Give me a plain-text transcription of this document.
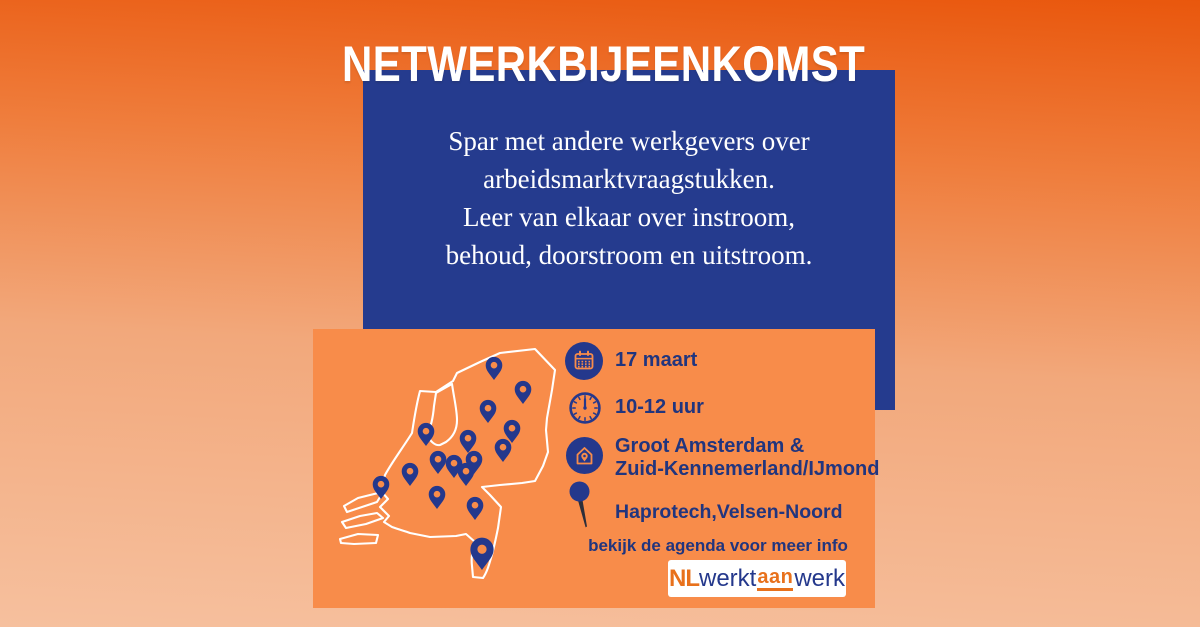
NETWERKBIJEENKOMST
Spar met andere werkgevers over
arbeidsmarktvraagstukken.
Leer van elkaar over instroom,
behoud, doorstroom en uitstroom.
17 maart
10-12 uur
Groot Amsterdam &
Zuid-Kennemerland/IJmond
Haprotech,Velsen-Noord
bekijk de agenda voor meer info
NL werkt aan werk
